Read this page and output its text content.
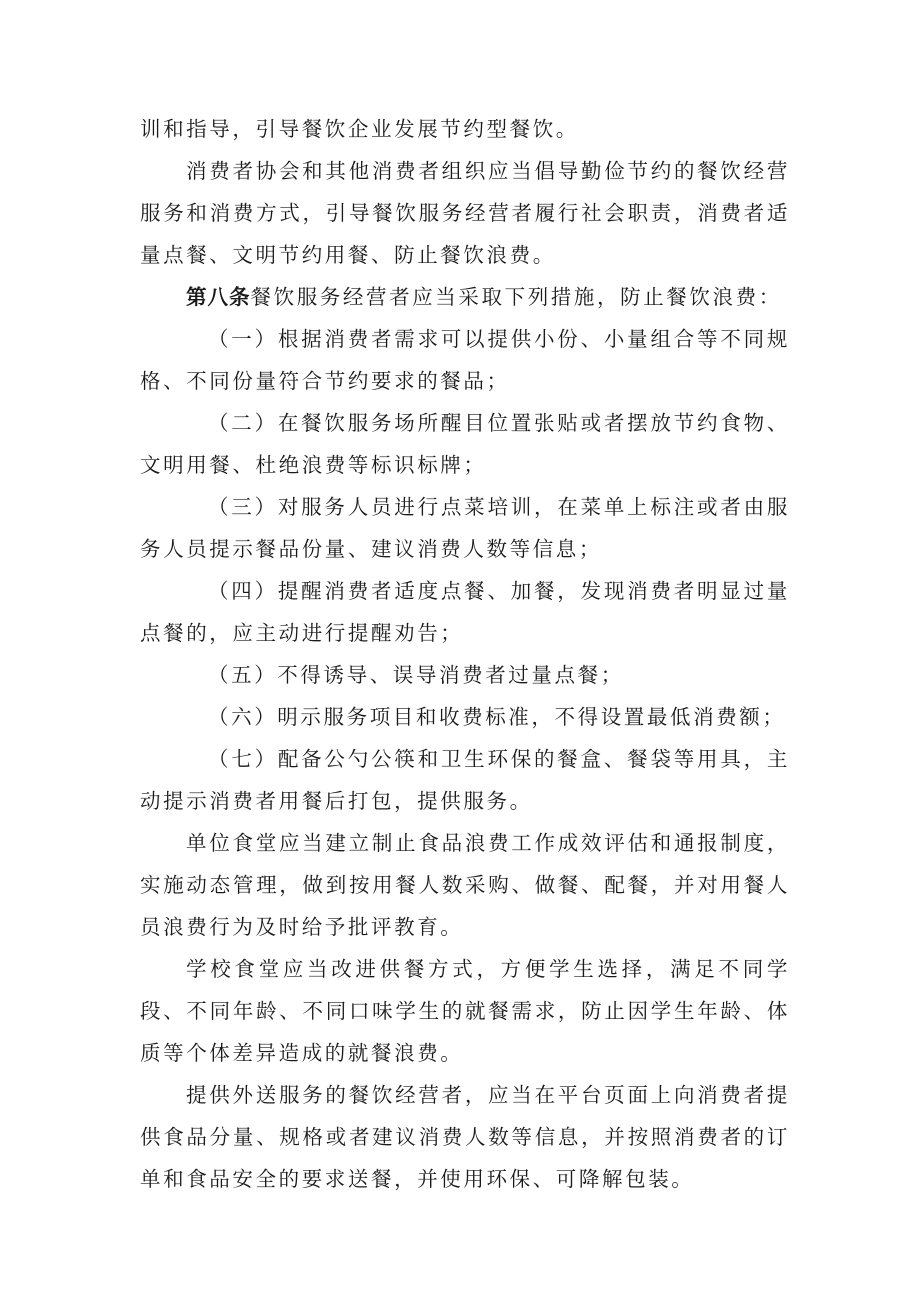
训和指导，引导餐饮企业发展节约型餐饮。

消费者协会和其他消费者组织应当倡导勤俭节约的餐饮经营服务和消费方式，引导餐饮服务经营者履行社会职责，消费者适量点餐、文明节约用餐、防止餐饮浪费。

第八条餐饮服务经营者应当采取下列措施，防止餐饮浪费：

（一）根据消费者需求可以提供小份、小量组合等不同规格、不同份量符合节约要求的餐品；

（二）在餐饮服务场所醒目位置张贴或者摆放节约食物、文明用餐、杜绝浪费等标识标牌；

（三）对服务人员进行点菜培训，在菜单上标注或者由服务人员提示餐品份量、建议消费人数等信息；

（四）提醒消费者适度点餐、加餐，发现消费者明显过量点餐的，应主动进行提醒劝告；

（五）不得诱导、误导消费者过量点餐；

（六）明示服务项目和收费标准，不得设置最低消费额；

（七）配备公勺公筷和卫生环保的餐盒、餐袋等用具，主动提示消费者用餐后打包，提供服务。

单位食堂应当建立制止食品浪费工作成效评估和通报制度，实施动态管理，做到按用餐人数采购、做餐、配餐，并对用餐人员浪费行为及时给予批评教育。

学校食堂应当改进供餐方式，方便学生选择，满足不同学段、不同年龄、不同口味学生的就餐需求，防止因学生年龄、体质等个体差异造成的就餐浪费。

提供外送服务的餐饮经营者，应当在平台页面上向消费者提供食品分量、规格或者建议消费人数等信息，并按照消费者的订单和食品安全的要求送餐，并使用环保、可降解包装。
